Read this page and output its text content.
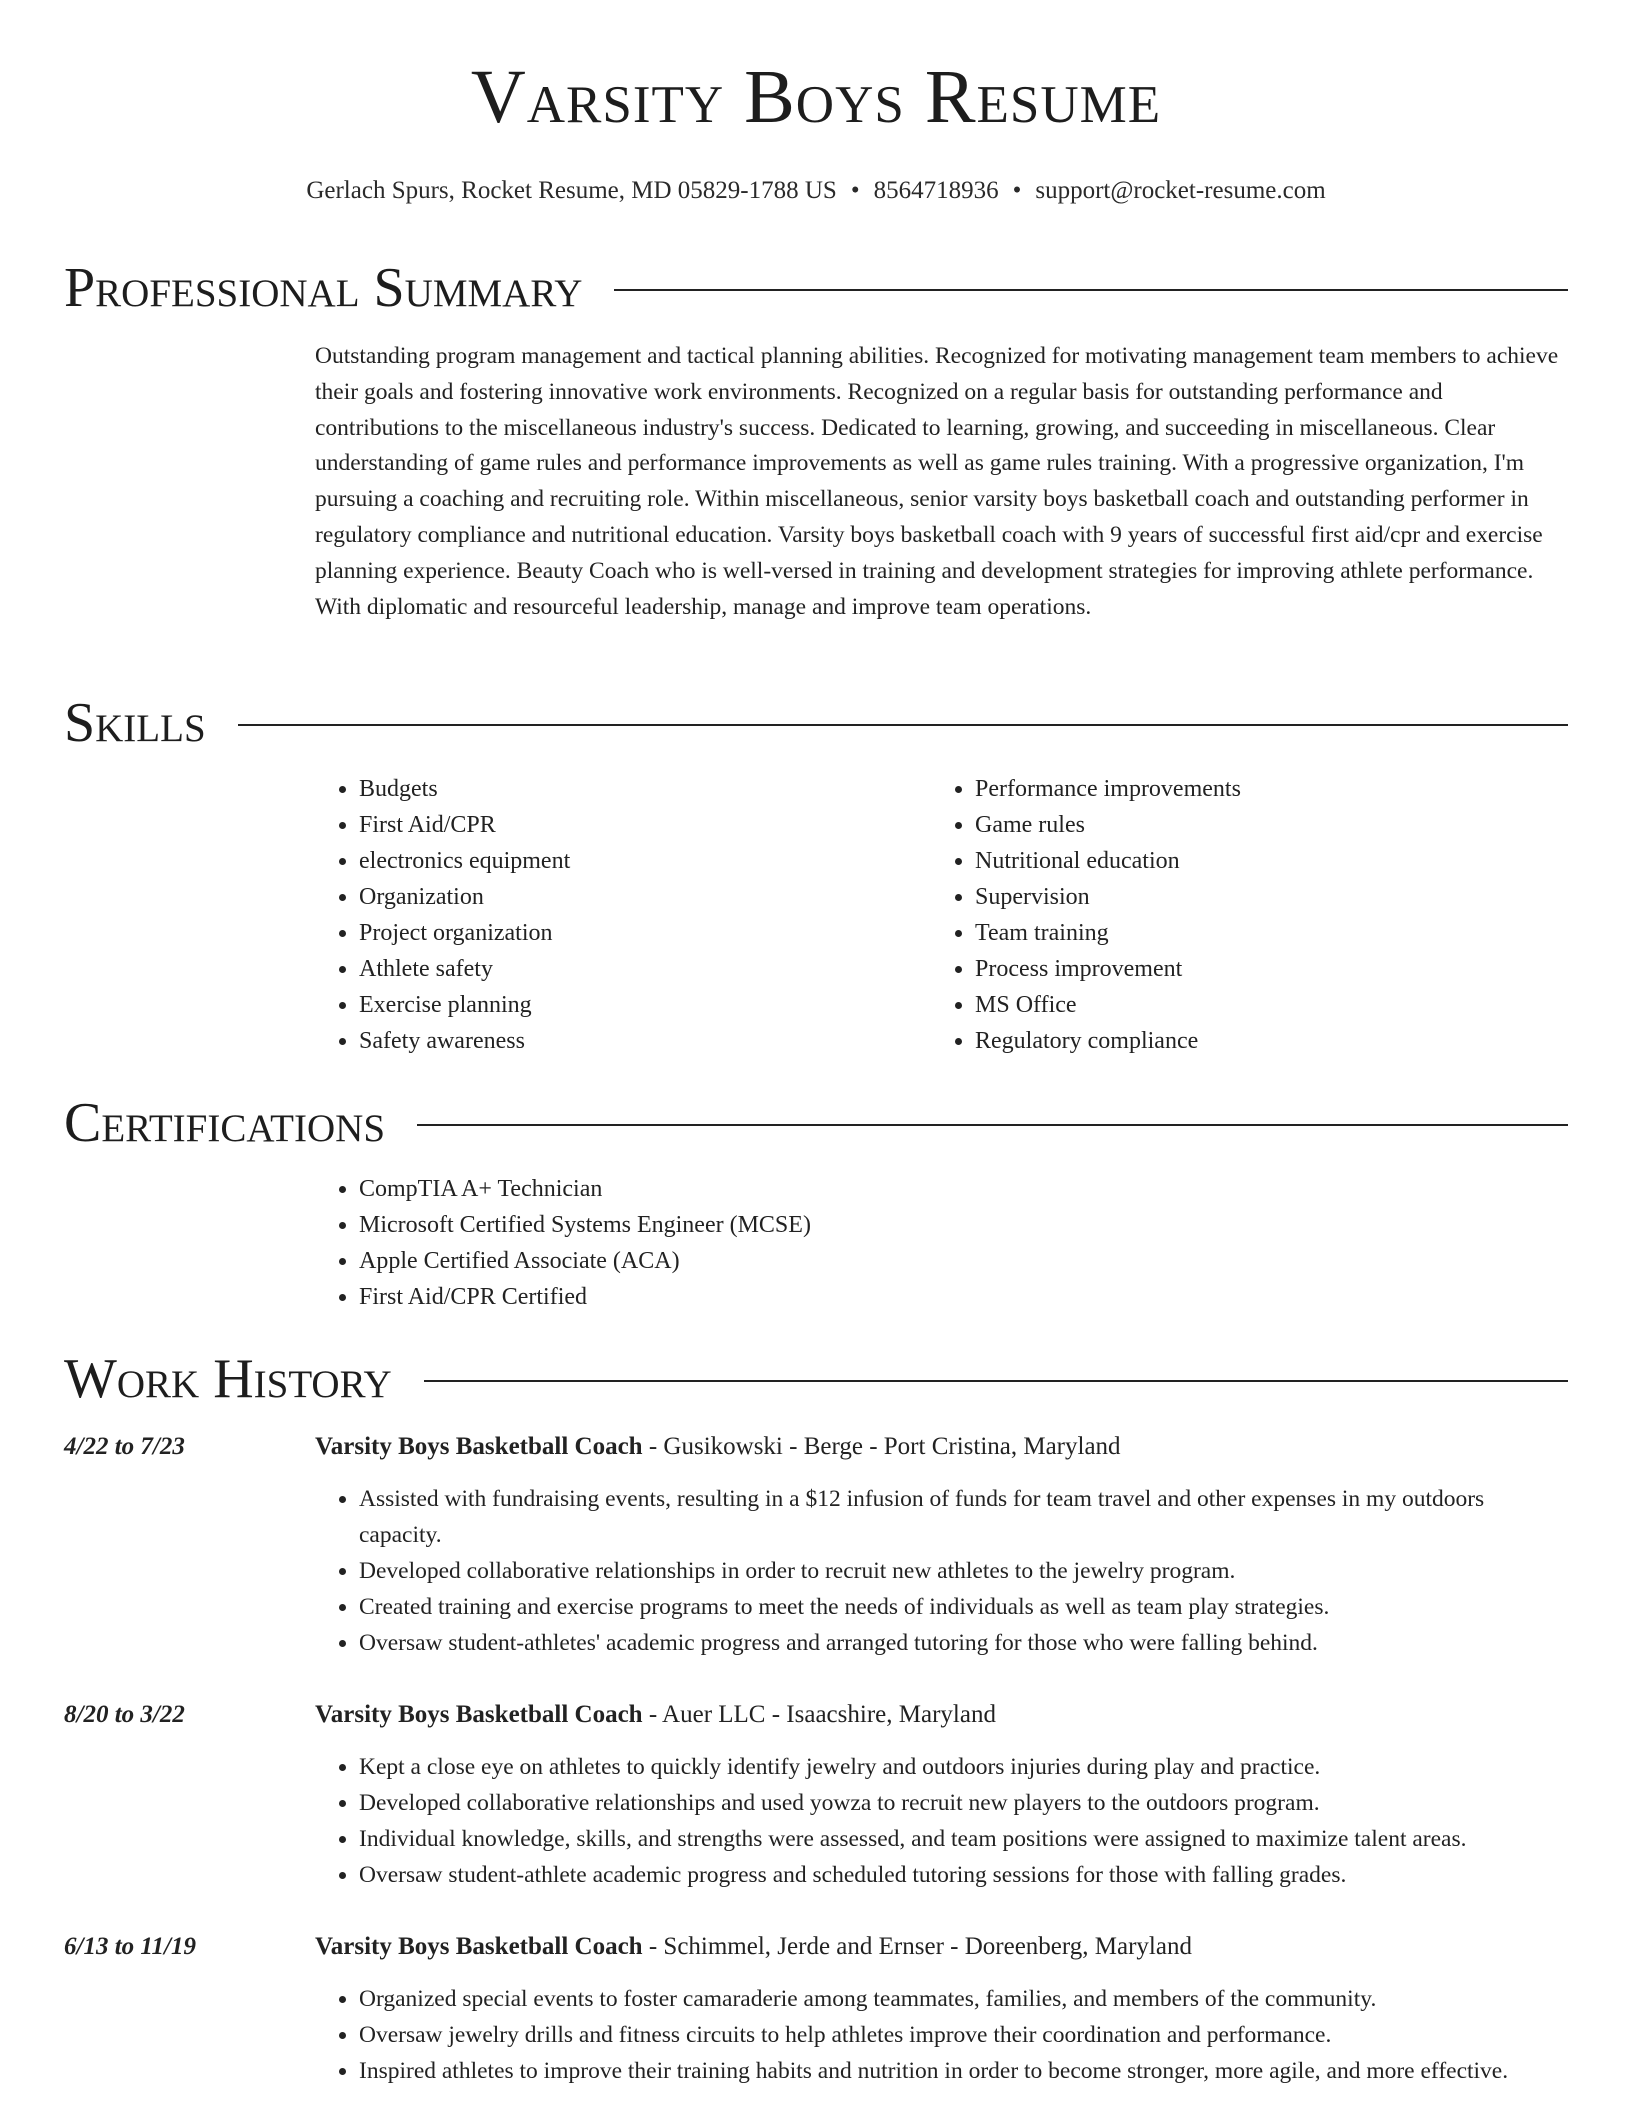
Varsity Boys Resume
Gerlach Spurs, Rocket Resume, MD 05829-1788 US • 8564718936 • support@rocket-resume.com
Professional Summary

Outstanding program management and tactical planning abilities. Recognized for motivating management team members to achieve their goals and fostering innovative work environments. Recognized on a regular basis for outstanding performance and contributions to the miscellaneous industry's success. Dedicated to learning, growing, and succeeding in miscellaneous. Clear understanding of game rules and performance improvements as well as game rules training. With a progressive organization, I'm pursuing a coaching and recruiting role. Within miscellaneous, senior varsity boys basketball coach and outstanding performer in regulatory compliance and nutritional education. Varsity boys basketball coach with 9 years of successful first aid/cpr and exercise planning experience. Beauty Coach who is well-versed in training and development strategies for improving athlete performance. With diplomatic and resourceful leadership, manage and improve team operations.

Skills
• Budgets
• First Aid/CPR
• electronics equipment
• Organization
• Project organization
• Athlete safety
• Exercise planning
• Safety awareness
• Performance improvements
• Game rules
• Nutritional education
• Supervision
• Team training
• Process improvement
• MS Office
• Regulatory compliance
Certifications
• CompTIA A+ Technician
• Microsoft Certified Systems Engineer (MCSE)
• Apple Certified Associate (ACA)
• First Aid/CPR Certified
Work History
4/22 to 7/23	Varsity Boys Basketball Coach - Gusikowski - Berge - Port Cristina, Maryland
• Assisted with fundraising events, resulting in a $12 infusion of funds for team travel and other expenses in my outdoors capacity.
• Developed collaborative relationships in order to recruit new athletes to the jewelry program.
• Created training and exercise programs to meet the needs of individuals as well as team play strategies.
• Oversaw student-athletes' academic progress and arranged tutoring for those who were falling behind.
8/20 to 3/22	Varsity Boys Basketball Coach - Auer LLC - Isaacshire, Maryland
• Kept a close eye on athletes to quickly identify jewelry and outdoors injuries during play and practice.
• Developed collaborative relationships and used yowza to recruit new players to the outdoors program.
• Individual knowledge, skills, and strengths were assessed, and team positions were assigned to maximize talent areas.
• Oversaw student-athlete academic progress and scheduled tutoring sessions for those with falling grades.
6/13 to 11/19	Varsity Boys Basketball Coach - Schimmel, Jerde and Ernser - Doreenberg, Maryland
• Organized special events to foster camaraderie among teammates, families, and members of the community.
• Oversaw jewelry drills and fitness circuits to help athletes improve their coordination and performance.
• Inspired athletes to improve their training habits and nutrition in order to become stronger, more agile, and more effective.
